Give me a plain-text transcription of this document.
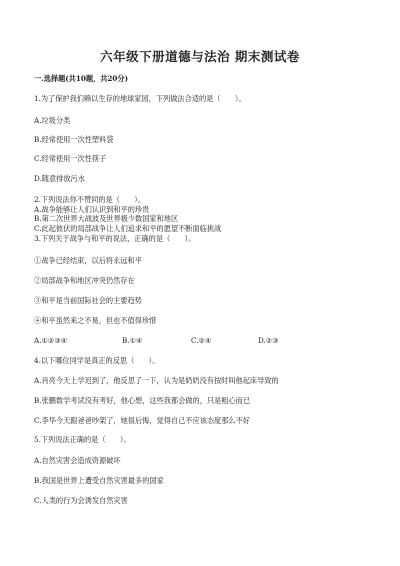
六年级下册道德与法治 期末测试卷
一.选择题(共10题，共20分)
1.为了保护我们赖以生存的地球家园，下列做法合适的是（　　）。
A.垃圾分类
B.经常使用一次性塑料袋
C.经常使用一次性筷子
D.随意排放污水
2.下列说法你不赞同的是（　　）。
A.战争能够让人们认识到和平的珍贵
B.第二次世界大战波及世界极少数国家和地区
C.此起彼伏的局部战争让人们追求和平的愿望不断面临挑战
3.下列关于战争与和平的说法，正确的是（　　）。
①战争已经结束，以后将永远和平
②局部战争和地区冲突仍然存在
③和平是当前国际社会的主要趋势
④和平虽然来之不易，但也不值得珍惜
A.①②③④	B.①④	C.②④	D.②③
4.以下哪位同学是真正的反思（　　）。
A.肖亮今天上学迟到了，他反思了一下，认为是奶奶没有按时叫他起床导致的
B.张鹏数学考试没有考好，他心想，这些我都会做的，只是粗心而已
C.李华今天跟爸爸吵架了，她很后悔，觉得自己不应该态度那么不好
5.下列说法正确的是（　　）。
A.自然灾害会造成资源破坏
B.我国是世界上遭受自然灾害最多的国家
C.人类的行为会诱发自然灾害
